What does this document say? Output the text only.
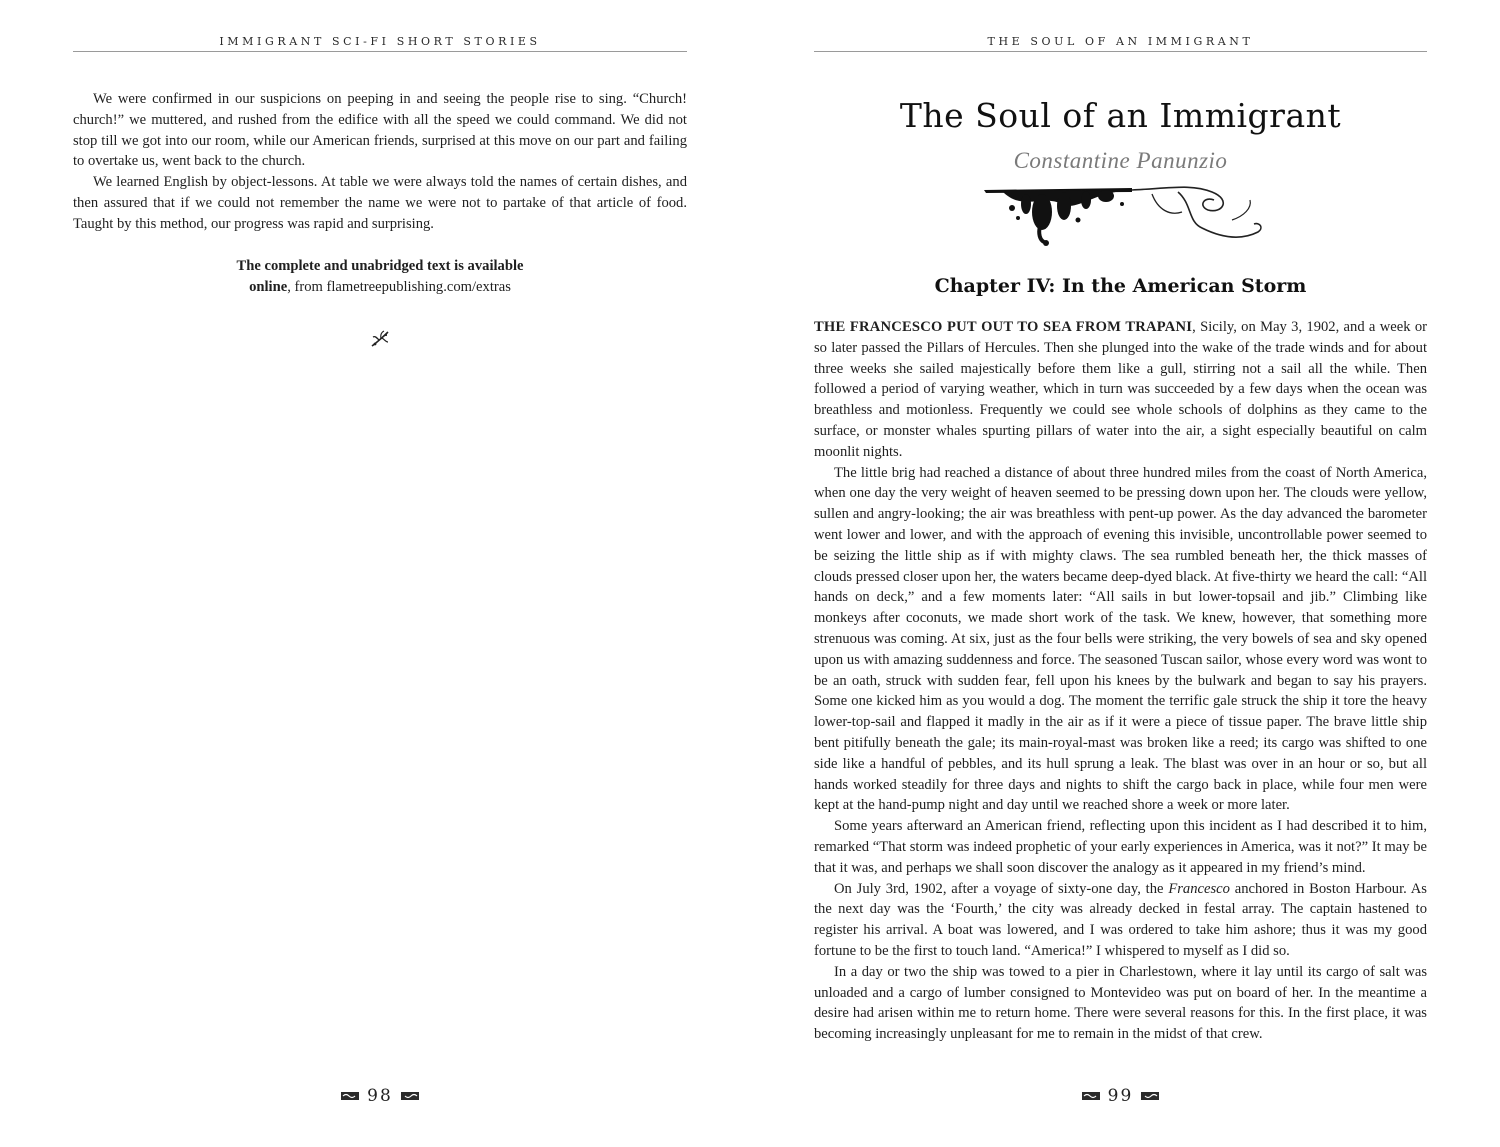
IMMIGRANT SCI-FI SHORT STORIES

We were confirmed in our suspicions on peeping in and seeing the people rise to sing. “Church! church!” we muttered, and rushed from the edifice with all the speed we could command. We did not stop till we got into our room, while our American friends, surprised at this move on our part and failing to overtake us, went back to the church.

We learned English by object-lessons. At table we were always told the names of certain dishes, and then assured that if we could not remember the name we were not to partake of that article of food. Taught by this method, our progress was rapid and surprising.

The complete and unabridged text is available
online, from flametreepublishing.com/extras
98
THE SOUL OF AN IMMIGRANT
The Soul of an Immigrant
Constantine Panunzio
Chapter IV: In the American Storm

THE FRANCESCO PUT OUT TO SEA FROM TRAPANI, Sicily, on May 3, 1902, and a week or so later passed the Pillars of Hercules. Then she plunged into the wake of the trade winds and for about three weeks she sailed majestically before them like a gull, stirring not a sail all the while. Then followed a period of varying weather, which in turn was succeeded by a few days when the ocean was breathless and motionless. Frequently we could see whole schools of dolphins as they came to the surface, or monster whales spurting pillars of water into the air, a sight especially beautiful on calm moonlit nights.

The little brig had reached a distance of about three hundred miles from the coast of North America, when one day the very weight of heaven seemed to be pressing down upon her. The clouds were yellow, sullen and angry-looking; the air was breathless with pent-up power. As the day advanced the barometer went lower and lower, and with the approach of evening this invisible, uncontrollable power seemed to be seizing the little ship as if with mighty claws. The sea rumbled beneath her, the thick masses of clouds pressed closer upon her, the waters became deep-dyed black. At five-thirty we heard the call: “All hands on deck,” and a few moments later: “All sails in but lower-topsail and jib.” Climbing like monkeys after coconuts, we made short work of the task. We knew, however, that something more strenuous was coming. At six, just as the four bells were striking, the very bowels of sea and sky opened upon us with amazing suddenness and force. The seasoned Tuscan sailor, whose every word was wont to be an oath, struck with sudden fear, fell upon his knees by the bulwark and began to say his prayers. Some one kicked him as you would a dog. The moment the terrific gale struck the ship it tore the heavy lower-top-sail and flapped it madly in the air as if it were a piece of tissue paper. The brave little ship bent pitifully beneath the gale; its main-royal-mast was broken like a reed; its cargo was shifted to one side like a handful of pebbles, and its hull sprung a leak. The blast was over in an hour or so, but all hands worked steadily for three days and nights to shift the cargo back in place, while four men were kept at the hand-pump night and day until we reached shore a week or more later.

Some years afterward an American friend, reflecting upon this incident as I had described it to him, remarked “That storm was indeed prophetic of your early experiences in America, was it not?” It may be that it was, and perhaps we shall soon discover the analogy as it appeared in my friend’s mind.

On July 3rd, 1902, after a voyage of sixty-one day, the Francesco anchored in Boston Harbour. As the next day was the ‘Fourth,’ the city was already decked in festal array. The captain hastened to register his arrival. A boat was lowered, and I was ordered to take him ashore; thus it was my good fortune to be the first to touch land. “America!” I whispered to myself as I did so.

In a day or two the ship was towed to a pier in Charlestown, where it lay until its cargo of salt was unloaded and a cargo of lumber consigned to Montevideo was put on board of her. In the meantime a desire had arisen within me to return home. There were several reasons for this. In the first place, it was becoming increasingly unpleasant for me to remain in the midst of that crew.

99
